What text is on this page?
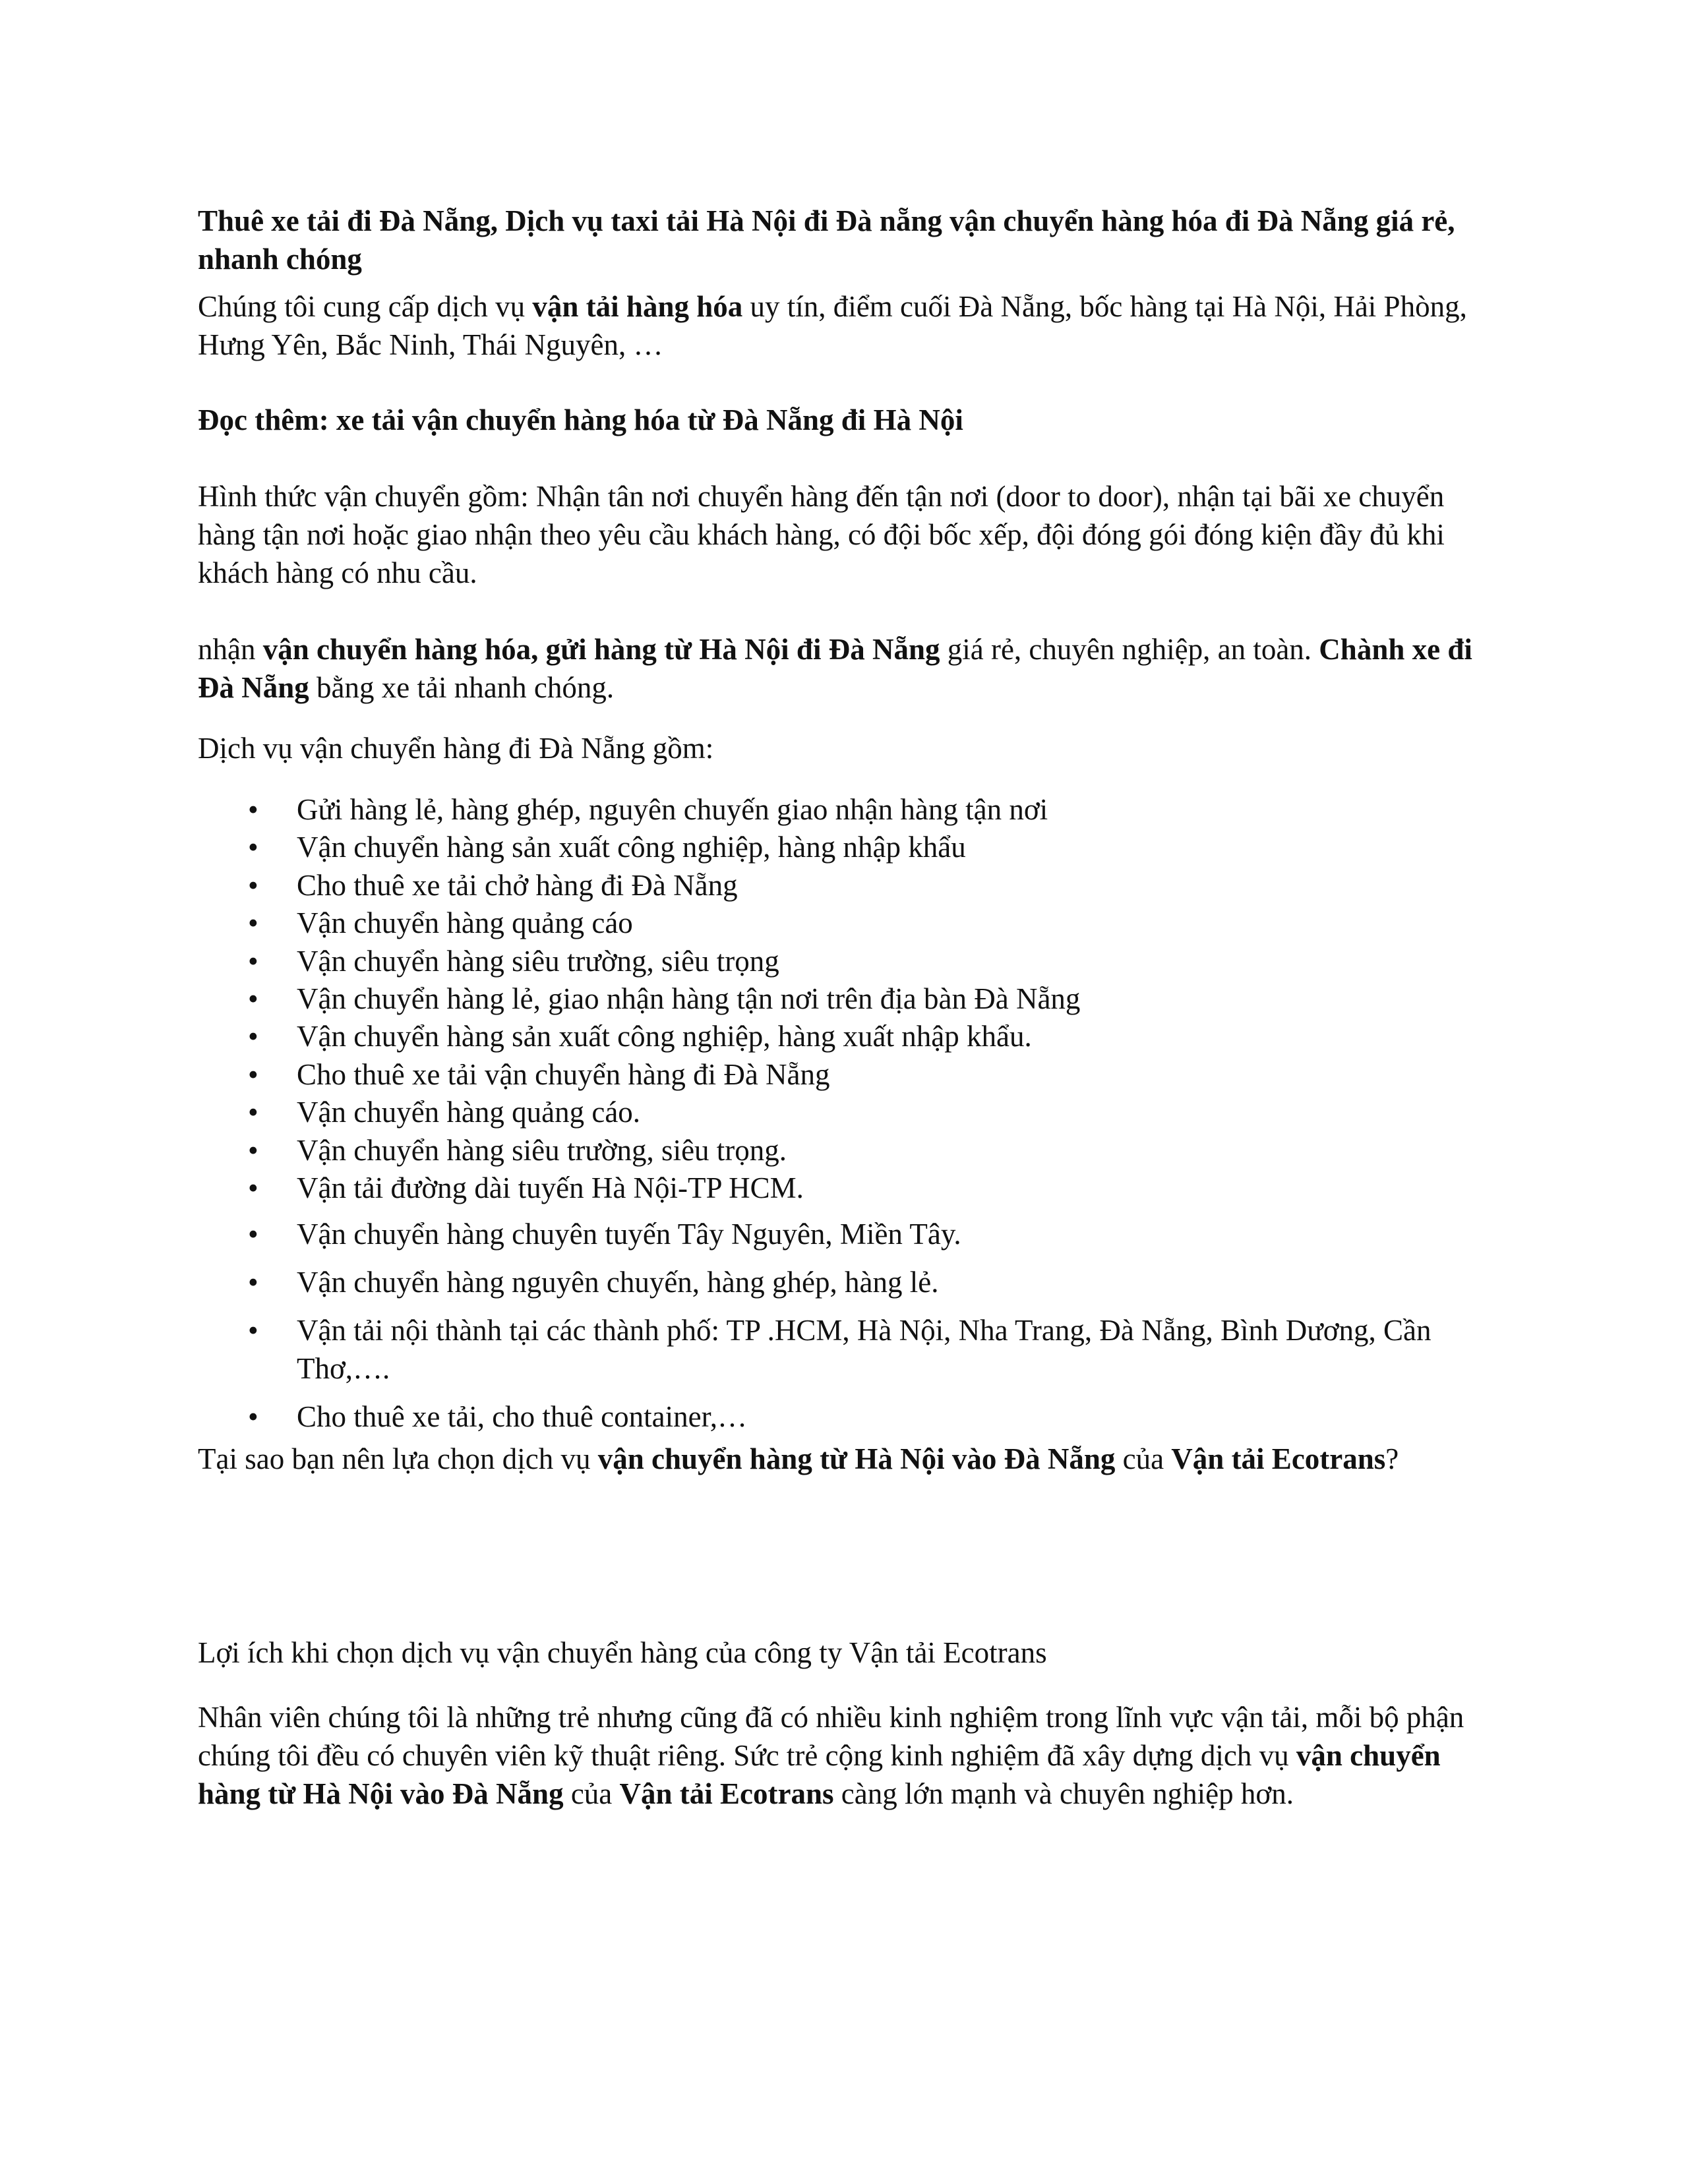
Thuê xe tải đi Đà Nẵng, Dịch vụ taxi tải Hà Nội đi Đà nẵng vận chuyển hàng hóa đi Đà Nẵng giá rẻ, nhanh chóng

Chúng tôi cung cấp dịch vụ vận tải hàng hóa uy tín, điểm cuối Đà Nẵng, bốc hàng tại Hà Nội, Hải Phòng, Hưng Yên, Bắc Ninh, Thái Nguyên, …

Đọc thêm: xe tải vận chuyển hàng hóa từ Đà Nẵng đi Hà Nội

Hình thức vận chuyển gồm: Nhận tân nơi chuyển hàng đến tận nơi (door to door), nhận tại bãi xe chuyển hàng tận nơi hoặc giao nhận theo yêu cầu khách hàng, có đội bốc xếp, đội đóng gói đóng kiện đầy đủ khi khách hàng có nhu cầu.

nhận vận chuyển hàng hóa, gửi hàng từ Hà Nội đi Đà Nẵng giá rẻ, chuyên nghiệp, an toàn. Chành xe đi Đà Nẵng bằng xe tải nhanh chóng.

Dịch vụ vận chuyển hàng đi Đà Nẵng gồm:

• Gửi hàng lẻ, hàng ghép, nguyên chuyến giao nhận hàng tận nơi
• Vận chuyển hàng sản xuất công nghiệp, hàng nhập khẩu
• Cho thuê xe tải chở hàng đi Đà Nẵng
• Vận chuyển hàng quảng cáo
• Vận chuyển hàng siêu trường, siêu trọng
• Vận chuyển hàng lẻ, giao nhận hàng tận nơi trên địa bàn Đà Nẵng
• Vận chuyển hàng sản xuất công nghiệp, hàng xuất nhập khẩu.
• Cho thuê xe tải vận chuyển hàng đi Đà Nẵng
• Vận chuyển hàng quảng cáo.
• Vận chuyển hàng siêu trường, siêu trọng.
• Vận tải đường dài tuyến Hà Nội-TP HCM.
• Vận chuyển hàng chuyên tuyến Tây Nguyên, Miền Tây.
• Vận chuyển hàng nguyên chuyến, hàng ghép, hàng lẻ.
• Vận tải nội thành tại các thành phố: TP .HCM, Hà Nội, Nha Trang, Đà Nẵng, Bình Dương, Cần Thơ,….
• Cho thuê xe tải, cho thuê container,…

Tại sao bạn nên lựa chọn dịch vụ vận chuyển hàng từ Hà Nội vào Đà Nẵng của Vận tải Ecotrans?

Lợi ích khi chọn dịch vụ vận chuyển hàng của công ty Vận tải Ecotrans

Nhân viên chúng tôi là những trẻ nhưng cũng đã có nhiều kinh nghiệm trong lĩnh vực vận tải, mỗi bộ phận chúng tôi đều có chuyên viên kỹ thuật riêng. Sức trẻ cộng kinh nghiệm đã xây dựng dịch vụ vận chuyển hàng từ Hà Nội vào Đà Nẵng của Vận tải Ecotrans càng lớn mạnh và chuyên nghiệp hơn.
